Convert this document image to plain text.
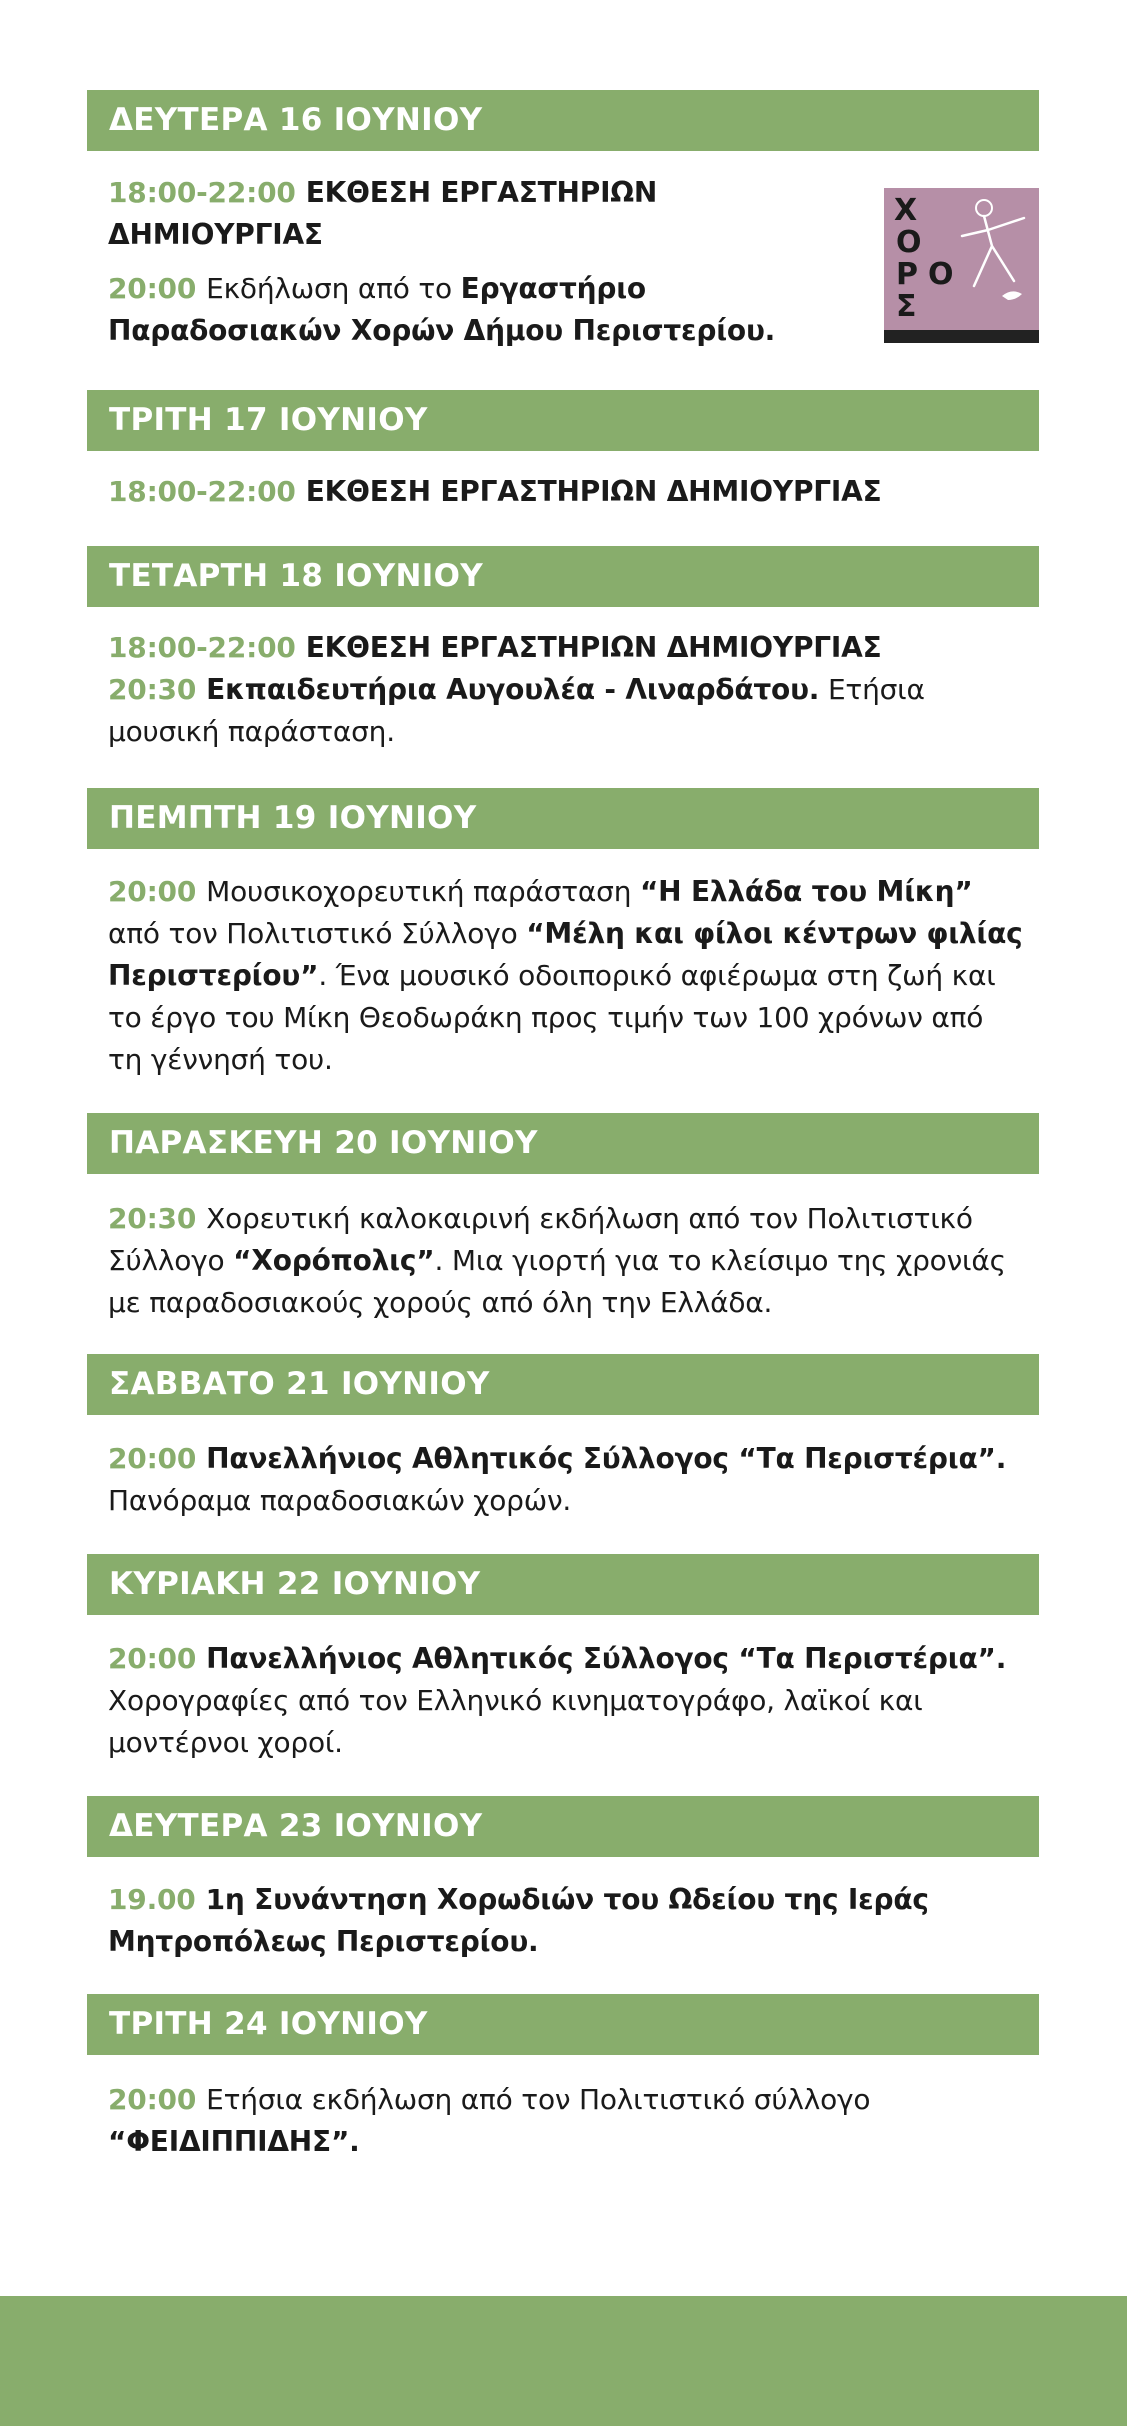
ΔΕΥΤΕΡΑ 16 ΙΟΥΝΙΟΥ

18:00-22:00 ΕΚΘΕΣΗ ΕΡΓΑΣΤΗΡΙΩΝ

ΔΗΜΙΟΥΡΓΙΑΣ

20:00 Εκδήλωση από το Εργαστήριο

Παραδοσιακών Χορών Δήμου Περιστερίου.

Χ
Ο
Ρ Ο
Σ
ΤΡΙΤΗ 17 ΙΟΥΝΙΟΥ

18:00-22:00 ΕΚΘΕΣΗ ΕΡΓΑΣΤΗΡΙΩΝ ΔΗΜΙΟΥΡΓΙΑΣ

ΤΕΤΑΡΤΗ 18 ΙΟΥΝΙΟΥ

18:00-22:00 ΕΚΘΕΣΗ ΕΡΓΑΣΤΗΡΙΩΝ ΔΗΜΙΟΥΡΓΙΑΣ

20:30 Εκπαιδευτήρια Αυγουλέα - Λιναρδάτου. Ετήσια

μουσική παράσταση.

ΠΕΜΠΤΗ 19 ΙΟΥΝΙΟΥ

20:00 Μουσικοχορευτική παράσταση “Η Ελλάδα του Μίκη”

από τον Πολιτιστικό Σύλλογο “Μέλη και φίλοι κέντρων φιλίας

Περιστερίου”. Ένα μουσικό οδοιπορικό αφιέρωμα στη ζωή και

το έργο του Μίκη Θεοδωράκη προς τιμήν των 100 χρόνων από

τη γέννησή του.

ΠΑΡΑΣΚΕΥΗ 20 ΙΟΥΝΙΟΥ

20:30 Χορευτική καλοκαιρινή εκδήλωση από τον Πολιτιστικό

Σύλλογο “Χορόπολις”. Μια γιορτή για το κλείσιμο της χρονιάς

με παραδοσιακούς χορούς από όλη την Ελλάδα.

ΣΑΒΒΑΤΟ 21 ΙΟΥΝΙΟΥ

20:00 Πανελλήνιος Αθλητικός Σύλλογος “Τα Περιστέρια”.

Πανόραμα παραδοσιακών χορών.

ΚΥΡΙΑΚΗ 22 ΙΟΥΝΙΟΥ

20:00 Πανελλήνιος Αθλητικός Σύλλογος “Τα Περιστέρια”.

Χορογραφίες από τον Ελληνικό κινηματογράφο, λαϊκοί και

μοντέρνοι χοροί.

ΔΕΥΤΕΡΑ 23 ΙΟΥΝΙΟΥ

19.00 1η Συνάντηση Χορωδιών του Ωδείου της Ιεράς

Μητροπόλεως Περιστερίου.

ΤΡΙΤΗ 24 ΙΟΥΝΙΟΥ

20:00 Ετήσια εκδήλωση από τον Πολιτιστικό σύλλογο

“ΦΕΙΔΙΠΠΙΔΗΣ”.
